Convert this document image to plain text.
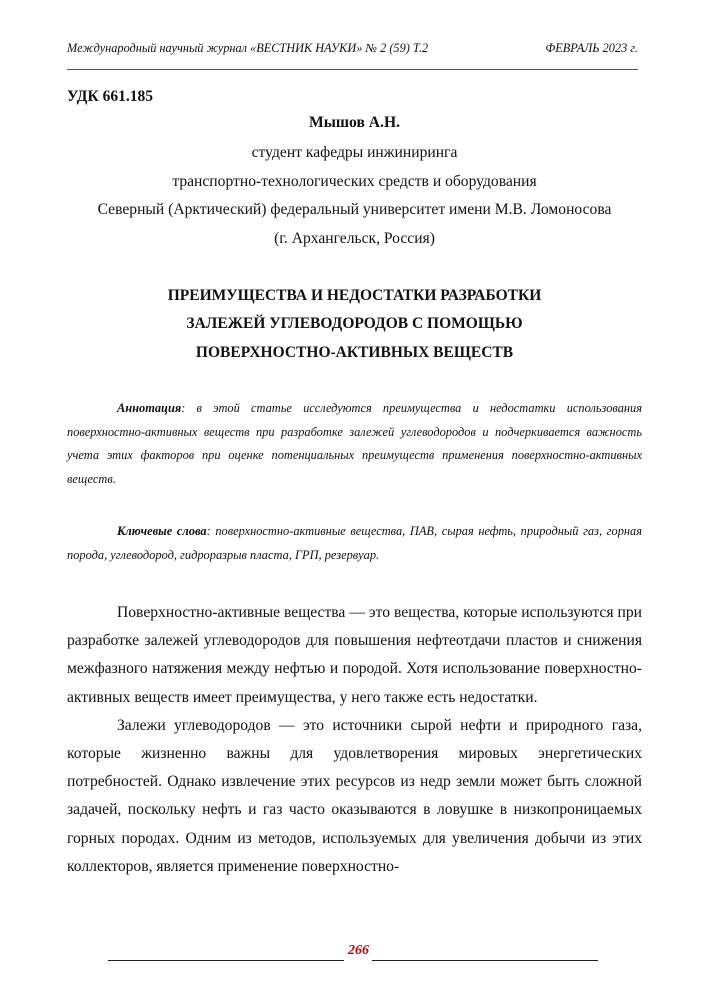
Международный научный журнал «ВЕСТНИК НАУКИ» № 2 (59) Т.2	ФЕВРАЛЬ 2023 г.
УДК 661.185
Мышов А.Н.
студент кафедры инжиниринга
транспортно-технологических средств и оборудования
Северный (Арктический) федеральный университет имени М.В. Ломоносова
(г. Архангельск, Россия)
ПРЕИМУЩЕСТВА И НЕДОСТАТКИ РАЗРАБОТКИ
ЗАЛЕЖЕЙ УГЛЕВОДОРОДОВ С ПОМОЩЬЮ
ПОВЕРХНОСТНО-АКТИВНЫХ ВЕЩЕСТВ

Аннотация: в этой статье исследуются преимущества и недостатки использования поверхностно-активных веществ при разработке залежей углеводородов и подчеркивается важность учета этих факторов при оценке потенциальных преимуществ применения поверхностно-активных веществ.

Ключевые слова: поверхностно-активные вещества, ПАВ, сырая нефть, природный газ, горная порода, углеводород, гидроразрыв пласта, ГРП, резервуар.

Поверхностно-активные вещества — это вещества, которые используются при разработке залежей углеводородов для повышения нефтеотдачи пластов и снижения межфазного натяжения между нефтью и породой. Хотя использование поверхностно-активных веществ имеет преимущества, у него также есть недостатки.

Залежи углеводородов — это источники сырой нефти и природного газа, которые жизненно важны для удовлетворения мировых энергетических потребностей. Однако извлечение этих ресурсов из недр земли может быть сложной задачей, поскольку нефть и газ часто оказываются в ловушке в низкопроницаемых горных породах. Одним из методов, используемых для увеличения добычи из этих коллекторов, является применение поверхностно-

266
